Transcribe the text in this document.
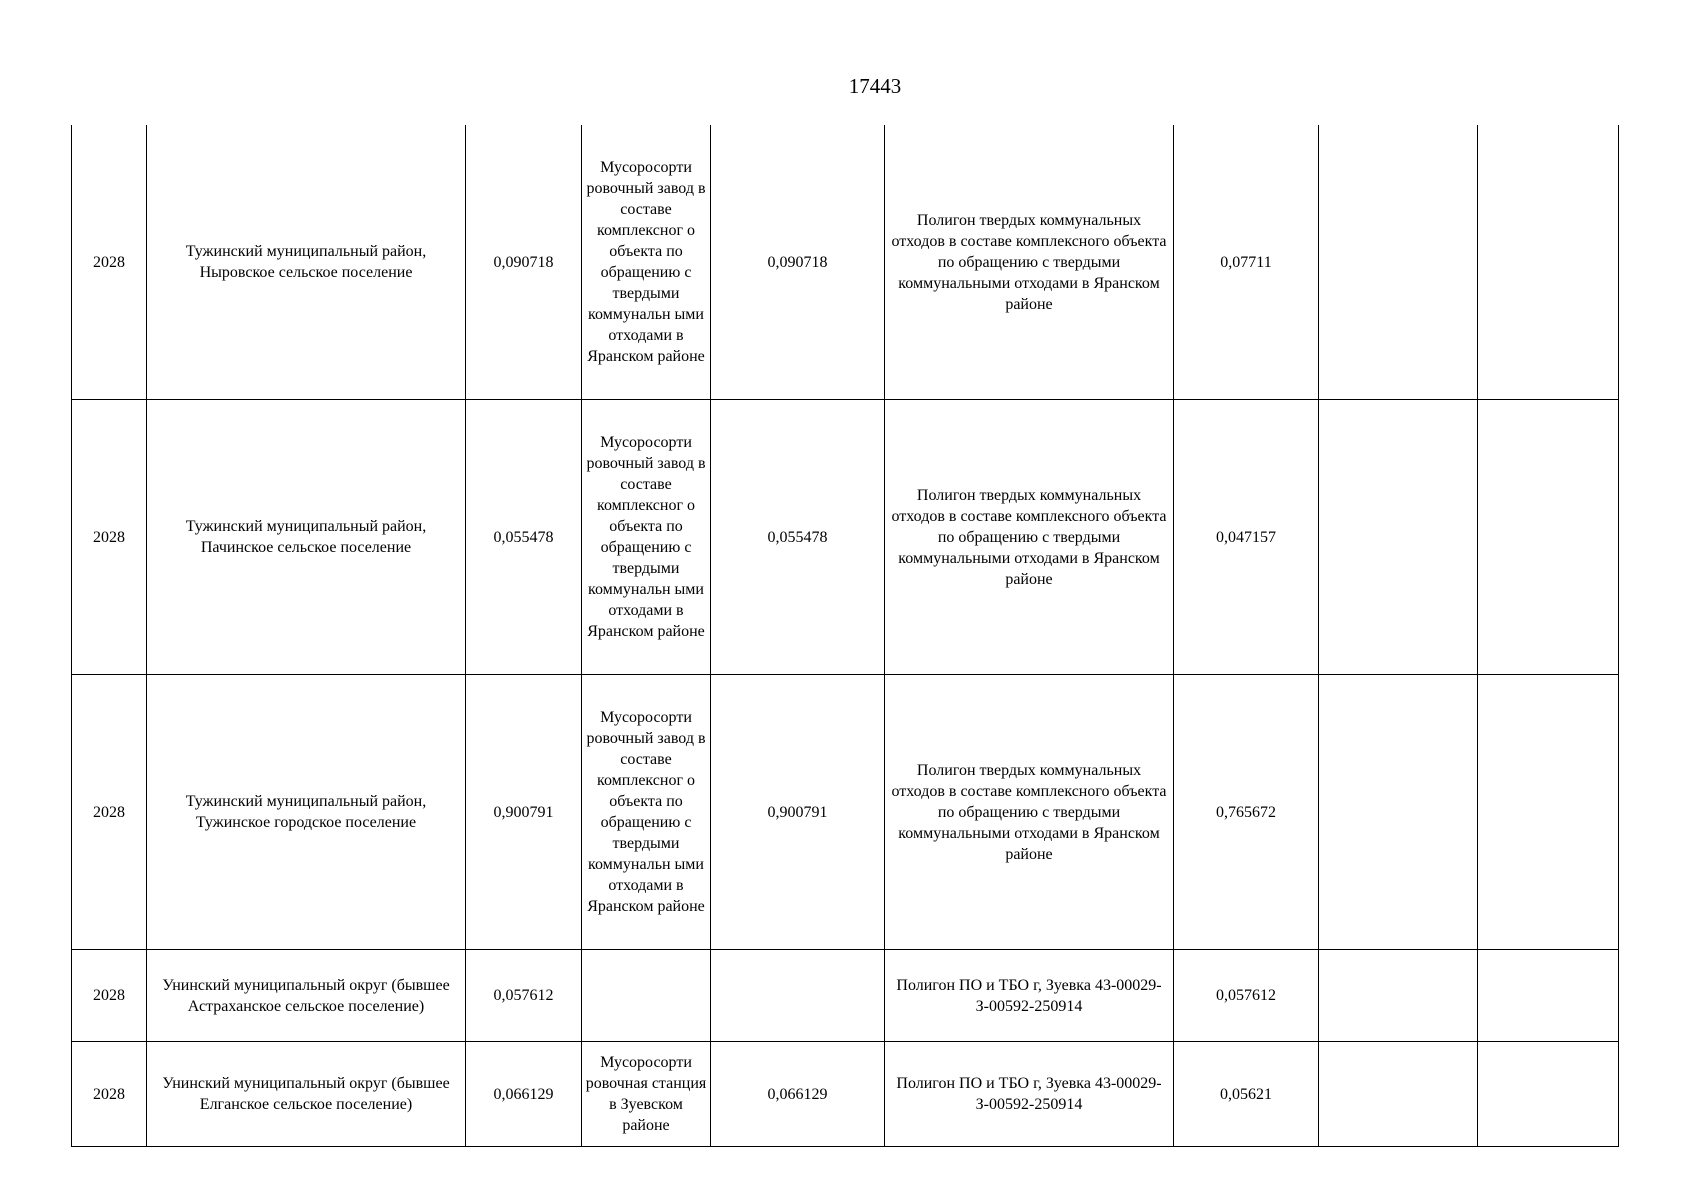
17443
2028	Тужинский муниципальный район, Ныровское сельское поселение	0,090718	Мусоросорти ровочный завод в составе комплексног о объекта по обращению с твердыми коммунальн ыми отходами в Яранском районе	0,090718	Полигон твердых коммунальных отходов в составе комплексного объекта по обращению с твердыми коммунальными отходами в Яранском районе	0,07711		
2028	Тужинский муниципальный район, Пачинское сельское поселение	0,055478	Мусоросорти ровочный завод в составе комплексног о объекта по обращению с твердыми коммунальн ыми отходами в Яранском районе	0,055478	Полигон твердых коммунальных отходов в составе комплексного объекта по обращению с твердыми коммунальными отходами в Яранском районе	0,047157		
2028	Тужинский муниципальный район, Тужинское городское поселение	0,900791	Мусоросорти ровочный завод в составе комплексног о объекта по обращению с твердыми коммунальн ыми отходами в Яранском районе	0,900791	Полигон твердых коммунальных отходов в составе комплексного объекта по обращению с твердыми коммунальными отходами в Яранском районе	0,765672		
2028	Унинский муниципальный округ (бывшее Астраханское сельское поселение)	0,057612			Полигон ПО и ТБО г, Зуевка 43-00029-З-00592-250914	0,057612		
2028	Унинский муниципальный округ (бывшее Елганское сельское поселение)	0,066129	Мусоросорти ровочная станция в Зуевском районе	0,066129	Полигон ПО и ТБО г, Зуевка 43-00029-З-00592-250914	0,05621		
